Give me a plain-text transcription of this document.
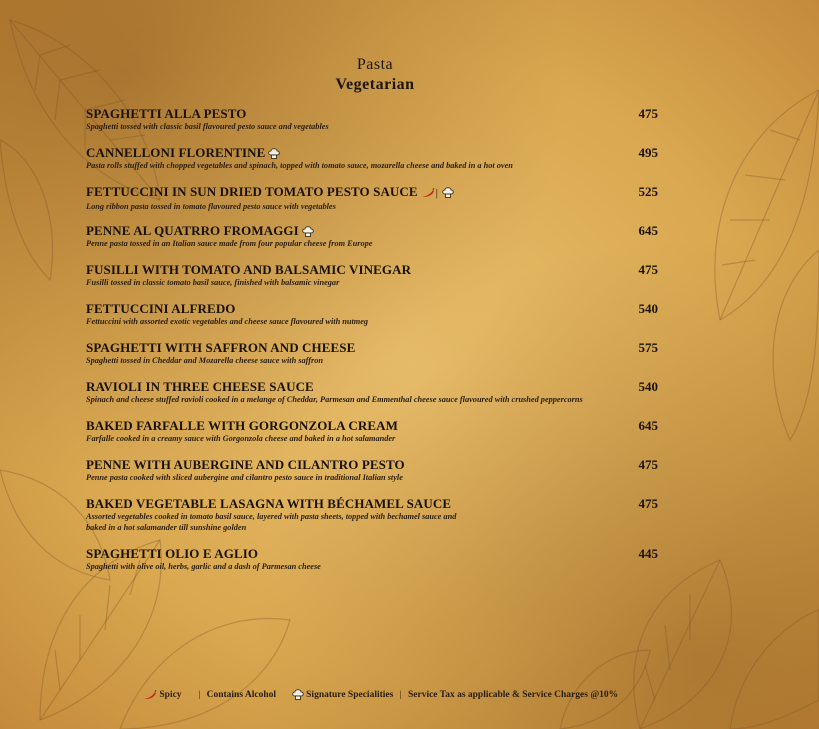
Pasta
Vegetarian
SPAGHETTI ALLA PESTO	475
Spaghetti tossed with classic basil flavoured pesto sauce and vegetables
CANNELLONI FLORENTINE	495
Pasta rolls stuffed with chopped vegetables and spinach, topped with tomato sauce, mozarella cheese and baked in a hot oven
FETTUCCINI IN SUN DRIED TOMATO PESTO SAUCE |	525
Long ribbon pasta tossed in tomato flavoured pesto sauce with vegetables
PENNE AL QUATRRO FROMAGGI	645
Penne pasta tossed in an Italian sauce made from four popular cheese from Europe
FUSILLI WITH TOMATO AND BALSAMIC VINEGAR	475
Fusilli tossed in classic tomato basil sauce, finished with balsamic vinegar
FETTUCCINI ALFREDO	540
Fettuccini with assorted exotic vegetables and cheese sauce flavoured with nutmeg
SPAGHETTI WITH SAFFRON AND CHEESE	575
Spaghetti tossed in Cheddar and Mozarella cheese sauce with saffron
RAVIOLI IN THREE CHEESE SAUCE	540
Spinach and cheese stuffed ravioli cooked in a melange of Cheddar, Parmesan and Emmenthal cheese sauce flavoured with crushed peppercorns
BAKED FARFALLE WITH GORGONZOLA CREAM	645
Farfalle cooked in a creamy sauce with Gorgonzola cheese and baked in a hot salamander
PENNE WITH AUBERGINE AND CILANTRO PESTO	475
Penne pasta cooked with sliced aubergine and cilantro pesto sauce in traditional Italian style
BAKED VEGETABLE LASAGNA WITH BÉCHAMEL SAUCE	475
Assorted vegetables cooked in tomato basil sauce, layered with pasta sheets, topped with bechamel sauce and
baked in a hot salamander till sunshine golden
SPAGHETTI OLIO E AGLIO	445
Spaghetti with olive oil, herbs, garlic and a dash of Parmesan cheese
Spicy | Contains Alcohol	Signature Specialities | Service Tax as applicable & Service Charges @10%
